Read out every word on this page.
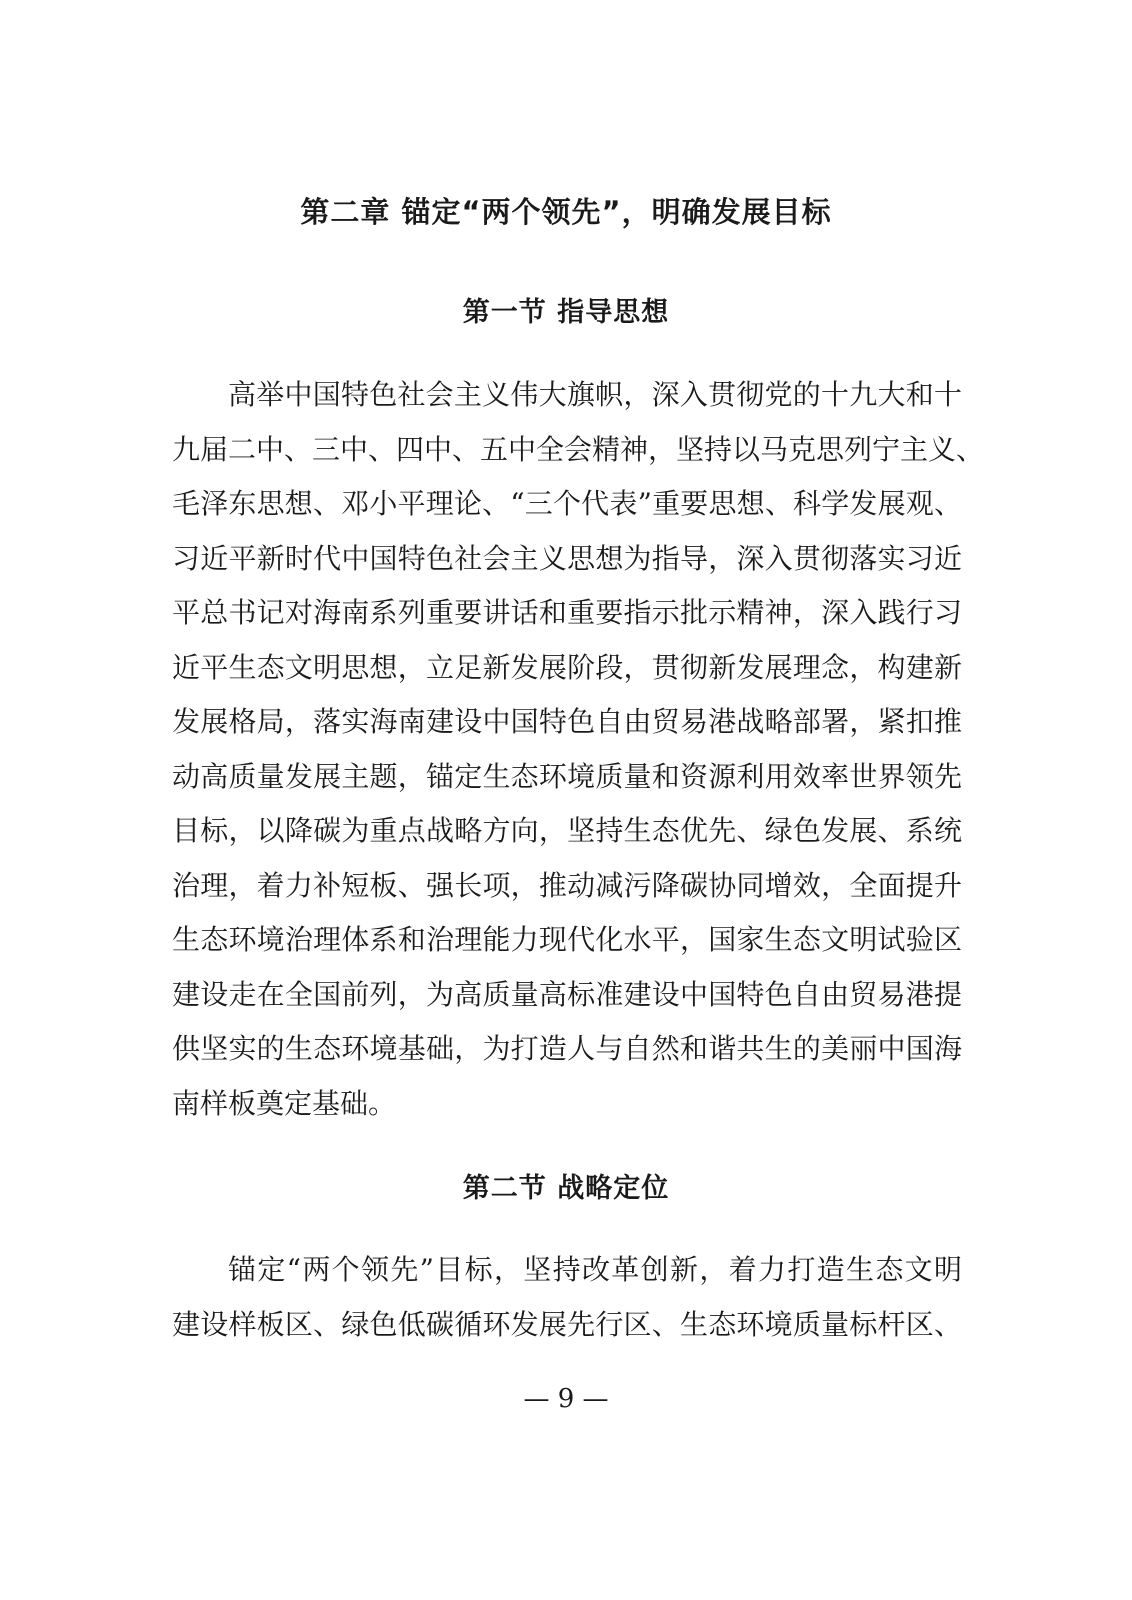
第二章 锚定“两个领先”，明确发展目标
第一节 指导思想
高举中国特色社会主义伟大旗帜，深入贯彻党的十九大和十
九届二中、三中、四中、五中全会精神，坚持以马克思列宁主义、
毛泽东思想、邓小平理论、“三个代表”重要思想、科学发展观、
习近平新时代中国特色社会主义思想为指导，深入贯彻落实习近
平总书记对海南系列重要讲话和重要指示批示精神，深入践行习
近平生态文明思想，立足新发展阶段，贯彻新发展理念，构建新
发展格局，落实海南建设中国特色自由贸易港战略部署，紧扣推
动高质量发展主题，锚定生态环境质量和资源利用效率世界领先
目标，以降碳为重点战略方向，坚持生态优先、绿色发展、系统
治理，着力补短板、强长项，推动减污降碳协同增效，全面提升
生态环境治理体系和治理能力现代化水平，国家生态文明试验区
建设走在全国前列，为高质量高标准建设中国特色自由贸易港提
供坚实的生态环境基础，为打造人与自然和谐共生的美丽中国海
南样板奠定基础。
第二节 战略定位
锚定“两个领先”目标，坚持改革创新，着力打造生态文明
建设样板区、绿色低碳循环发展先行区、生态环境质量标杆区、
— 9 —
